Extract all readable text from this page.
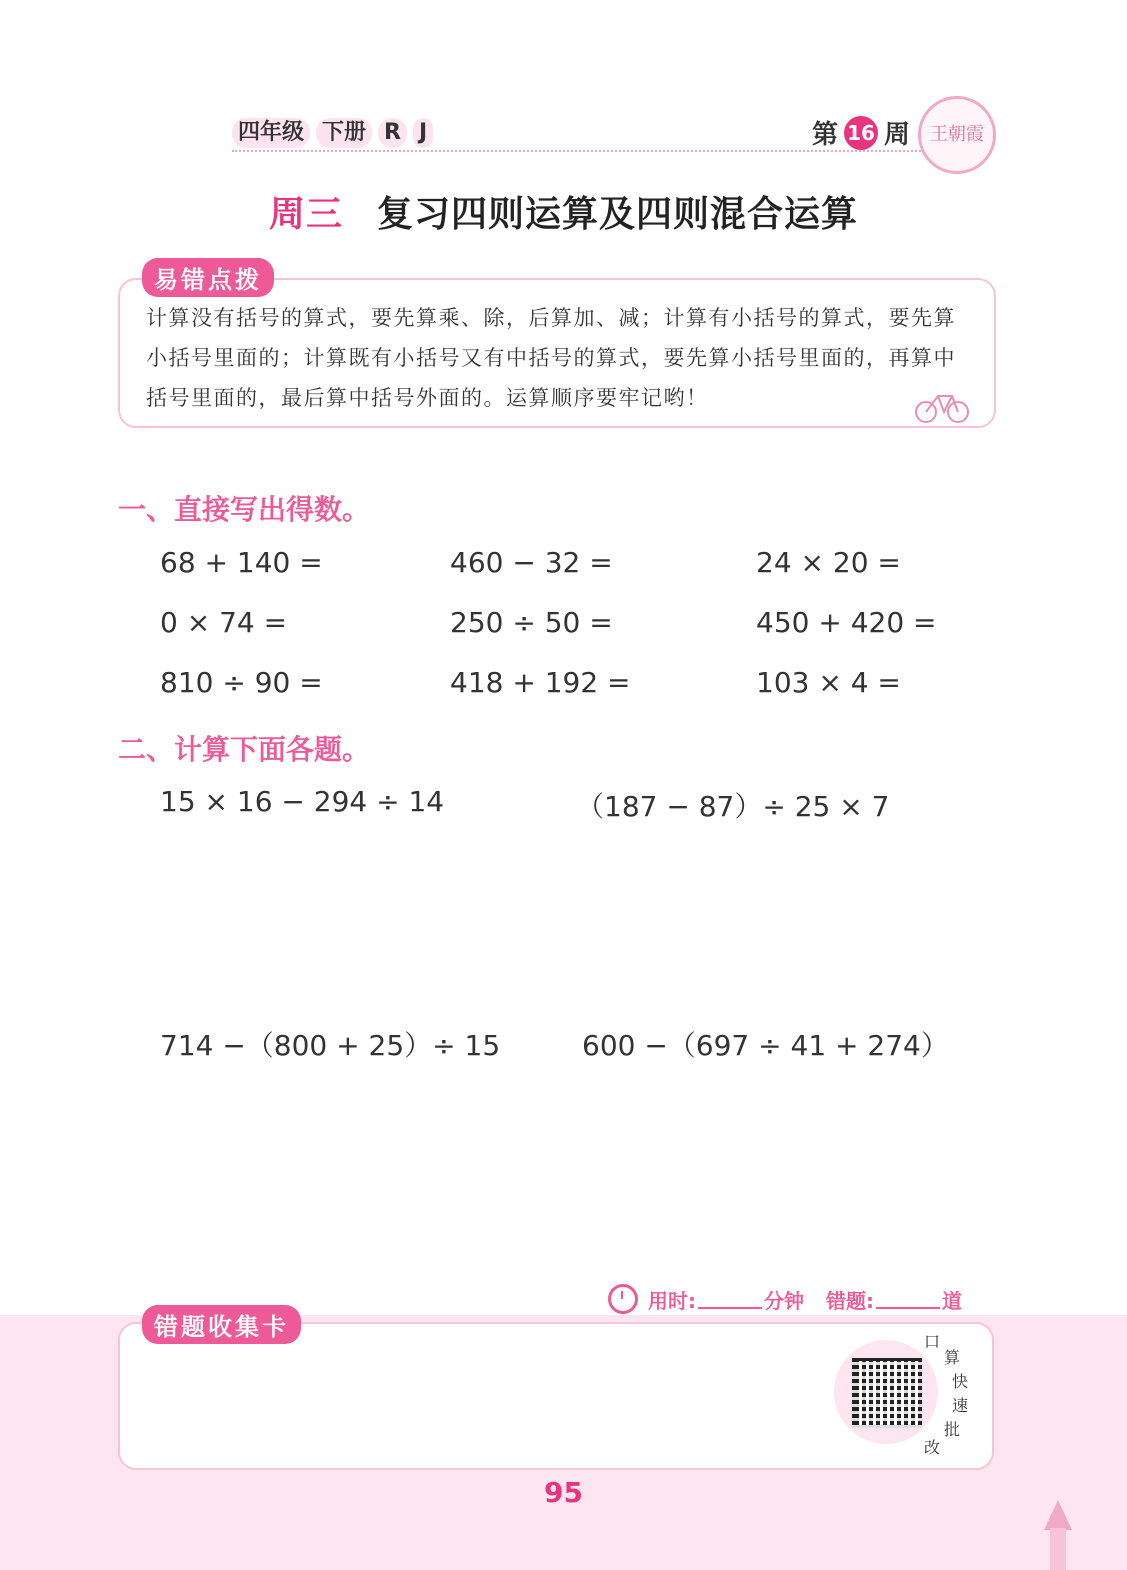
四年级 下册 R J	第 16 周	王朝霞
周三 复习四则运算及四则混合运算
易错点拨
计算没有括号的算式，要先算乘、除，后算加、减；计算有小括号的算式，要先算小括号里面的；计算既有小括号又有中括号的算式，要先算小括号里面的，再算中括号里面的，最后算中括号外面的。运算顺序要牢记哟！
一、直接写出得数。
68 + 140 =	460 − 32 =	24 × 20 =
0 × 74 =	250 ÷ 50 =	450 + 420 =
810 ÷ 90 =	418 + 192 =	103 × 4 =
二、计算下面各题。
15 × 16 − 294 ÷ 14	（187 − 87）÷ 25 × 7
714 −（800 + 25）÷ 15	600 −（697 ÷ 41 + 274）
用时:	分钟 错题:	道
错题收集卡
口
算
快
速
批
改
95
